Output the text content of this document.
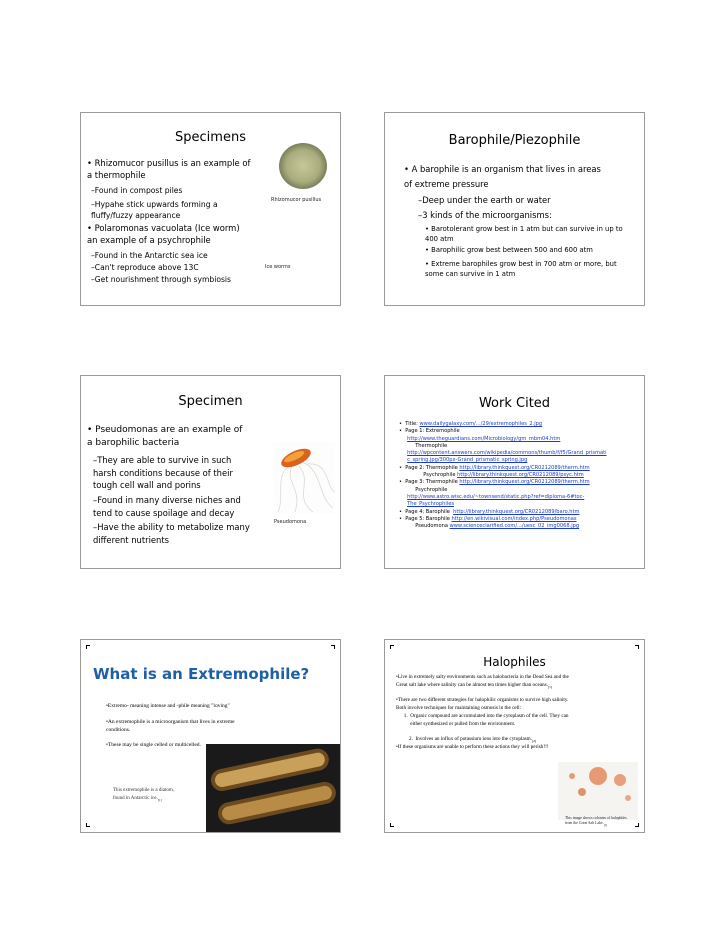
Specimens
• Rhizomucor pusillus is an example of
a thermophile
–Found in compost piles
–Hypahe stick upwards forming a
fluffy/fuzzy appearance
• Polaromonas vacuolata (Ice worm)
an example of a psychrophile
–Found in the Antarctic sea ice
–Can't reproduce above 13C
–Get nourishment through symbiosis
Rhizomucor pusillus
Ice worms
Barophile/Piezophile
• A barophile is an organism that lives in areas
of extreme pressure
–Deep under the earth or water
–3 kinds of the microorganisms:
• Barotolerant grow best in 1 atm but can survive in up to
400 atm
• Barophilic grow best between 500 and 600 atm
• Extreme barophiles grow best in 700 atm or more, but
some can survive in 1 atm
Specimen
• Pseudomonas are an example of
a barophilic bacteria
–They are able to survive in such
harsh conditions because of their
tough cell wall and porins
–Found in many diverse niches and
tend to cause spoilage and decay
–Have the ability to metabolize many
different nutrients
Pseudomona
Work Cited
•  Title: www.dailygalaxy.com/.../29/extremophiles_2.jpg
•  Page 1: Extremophile
http://www.theguardians.com/Microbiology/gm_mbm04.htm
Thermophile
http://wpcontent.answers.com/wikipedia/commons/thumb/f/f5/Grand_prismati
c_spring.jpg/300px-Grand_prismatic_spring.jpg
•  Page 2: Thermophile http://library.thinkquest.org/CR0212089/therm.htm
Psychrophile http://library.thinkquest.org/CR0212089/psyc.htm
•  Page 3: Thermophile http://library.thinkquest.org/CR0212089/therm.htm
Psychrophile
http://www.astro.wisc.edu/~townsend/static.php?ref=diploma-6#toc-
The_Psychrophiles
•  Page 4: Barophile  http://library.thinkquest.org/CR0212089/baro.htm
•  Page 5: Barophile http://en.wikivisual.com/index.php/Pseudomonas
Pseudomona www.scienceclarified.com/.../uesc_02_img0068.jpg
What is an Extremophile?
•Extremo- meaning intense and -phile meaning "loving"
•An extremophile is a microorganism that lives in extreme
conditions.
•These may be single celled or multicelled.
This extremophile is a diatom,
found in Antarctic $ice._{[1]}$
Halophiles
•Live in extremely salty environments such as halobacteria in the Dead Sea and the
Great salt lake where salinity can be almost ten times higher than $oceans._{[1]}$
•There are two different strategies for halophilic organisms to survive high salinity.
Both involve techniques for maintaining osmosis in the cell:
1.  Organic compound are accumulated into the cytoplasm of the cell. They can
either synthesized or pulled from the environment.

2.  Involves an influx of potassium ions into the $cytoplasm._{[2]}$

•If these organisms are unable to perform these actions they will perish!!!
This image shows colonies of halophiles from the Great Salt $Lake._{[1]}$
